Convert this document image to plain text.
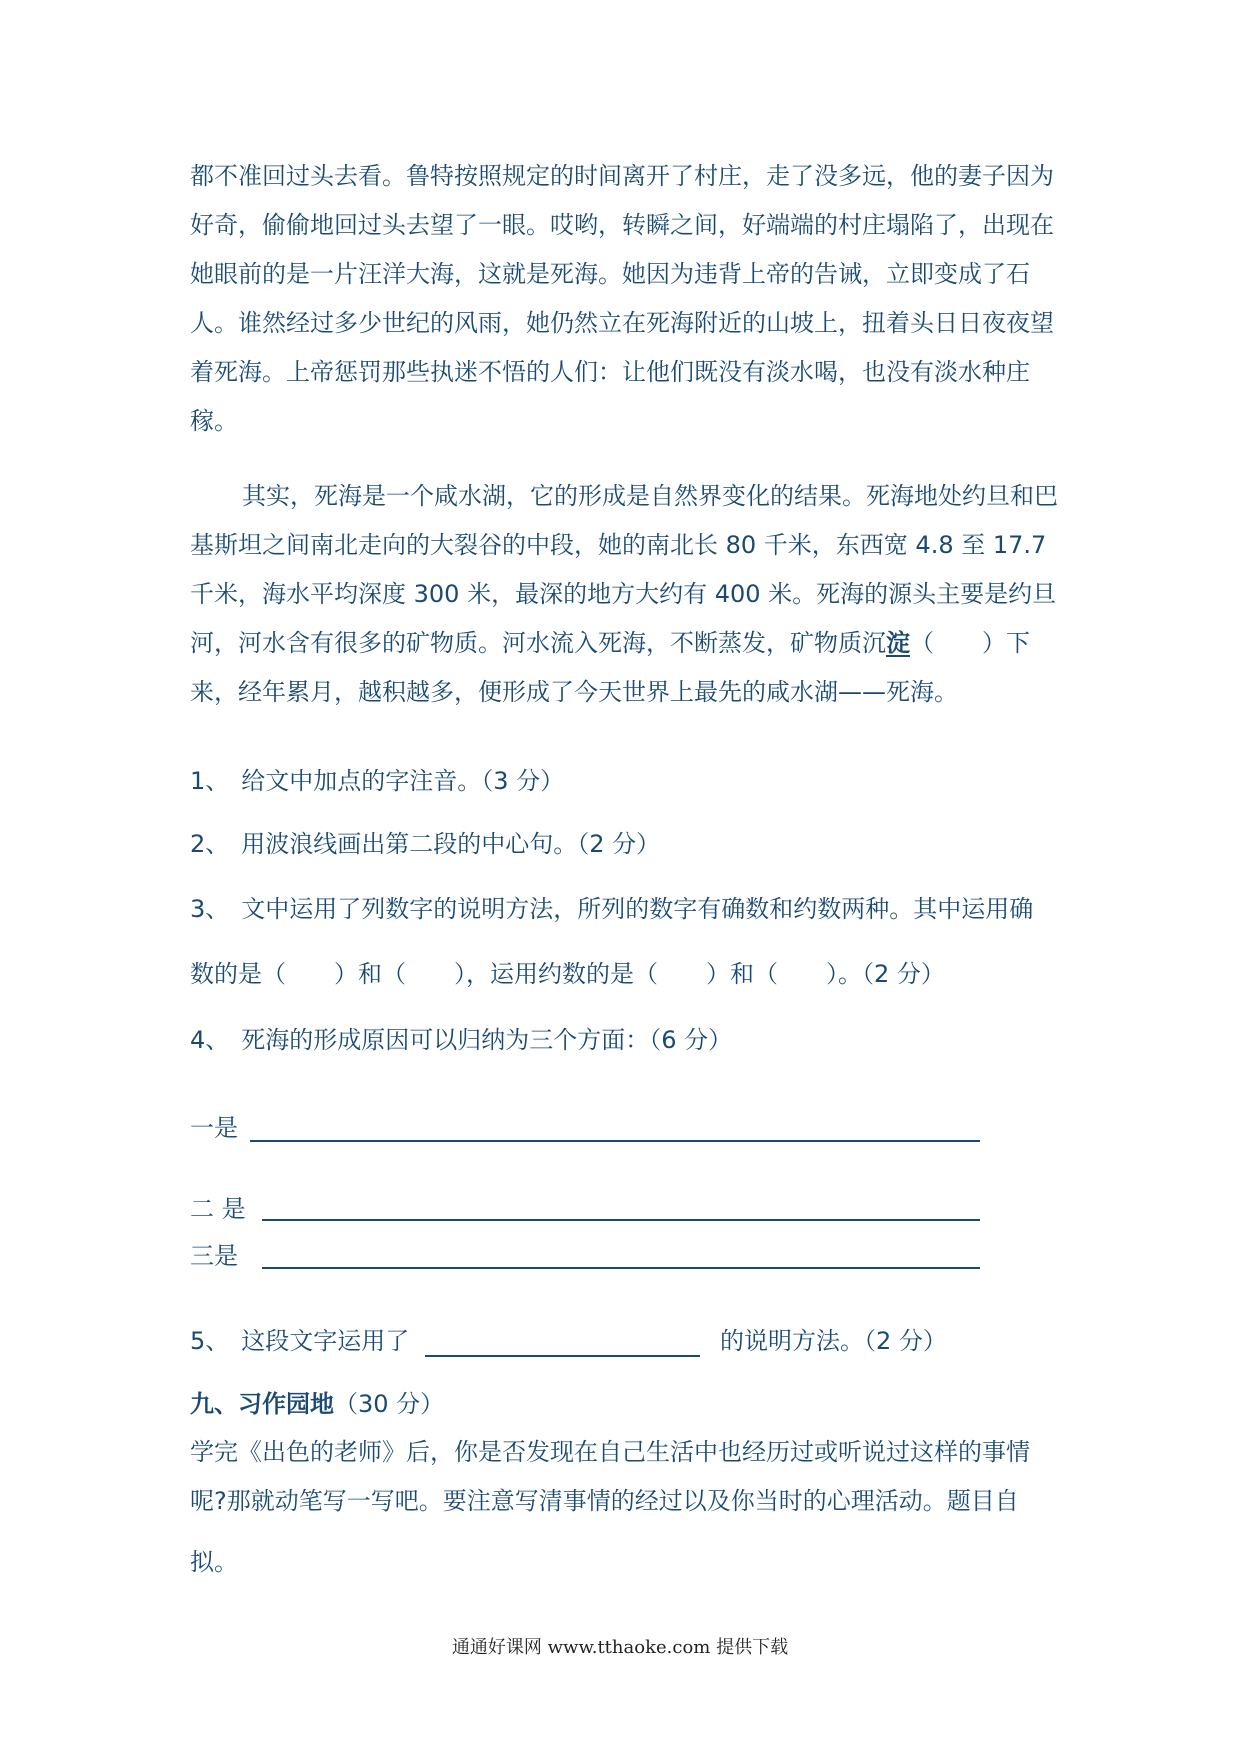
都不准回过头去看。鲁特按照规定的时间离开了村庄，走了没多远，他的妻子因为好奇，偷偷地回过头去望了一眼。哎哟，转瞬之间，好端端的村庄塌陷了，出现在她眼前的是一片汪洋大海，这就是死海。她因为违背上帝的告诫，立即变成了石人。谁然经过多少世纪的风雨，她仍然立在死海附近的山坡上，扭着头日日夜夜望着死海。上帝惩罚那些执迷不悟的人们：让他们既没有淡水喝，也没有淡水种庄稼。

其实，死海是一个咸水湖，它的形成是自然界变化的结果。死海地处约旦和巴基斯坦之间南北走向的大裂谷的中段，她的南北长 80 千米，东西宽 4.8 至 17.7 千米，海水平均深度 300 米，最深的地方大约有 400 米。死海的源头主要是约旦河，河水含有很多的矿物质。河水流入死海，不断蒸发，矿物质沉淀（　　）下来，经年累月，越积越多，便形成了今天世界上最先的咸水湖——死海。

1、　给文中加点的字注音。（3 分）
2、　用波浪线画出第二段的中心句。（2 分）
3、　文中运用了列数字的说明方法，所列的数字有确数和约数两种。其中运用确
数的是（　　）和（　　），运用约数的是（　　）和（　　）。（2 分）
4、　死海的形成原因可以归纳为三个方面：（6 分）
一是
二 是
三是
5、　这段文字运用了	的说明方法。（2 分）
九、习作园地（30 分）
学完《出色的老师》后，你是否发现在自己生活中也经历过或听说过这样的事情
呢?那就动笔写一写吧。要注意写清事情的经过以及你当时的心理活动。题目自
拟。
通通好课网 www.tthaoke.com 提供下载
